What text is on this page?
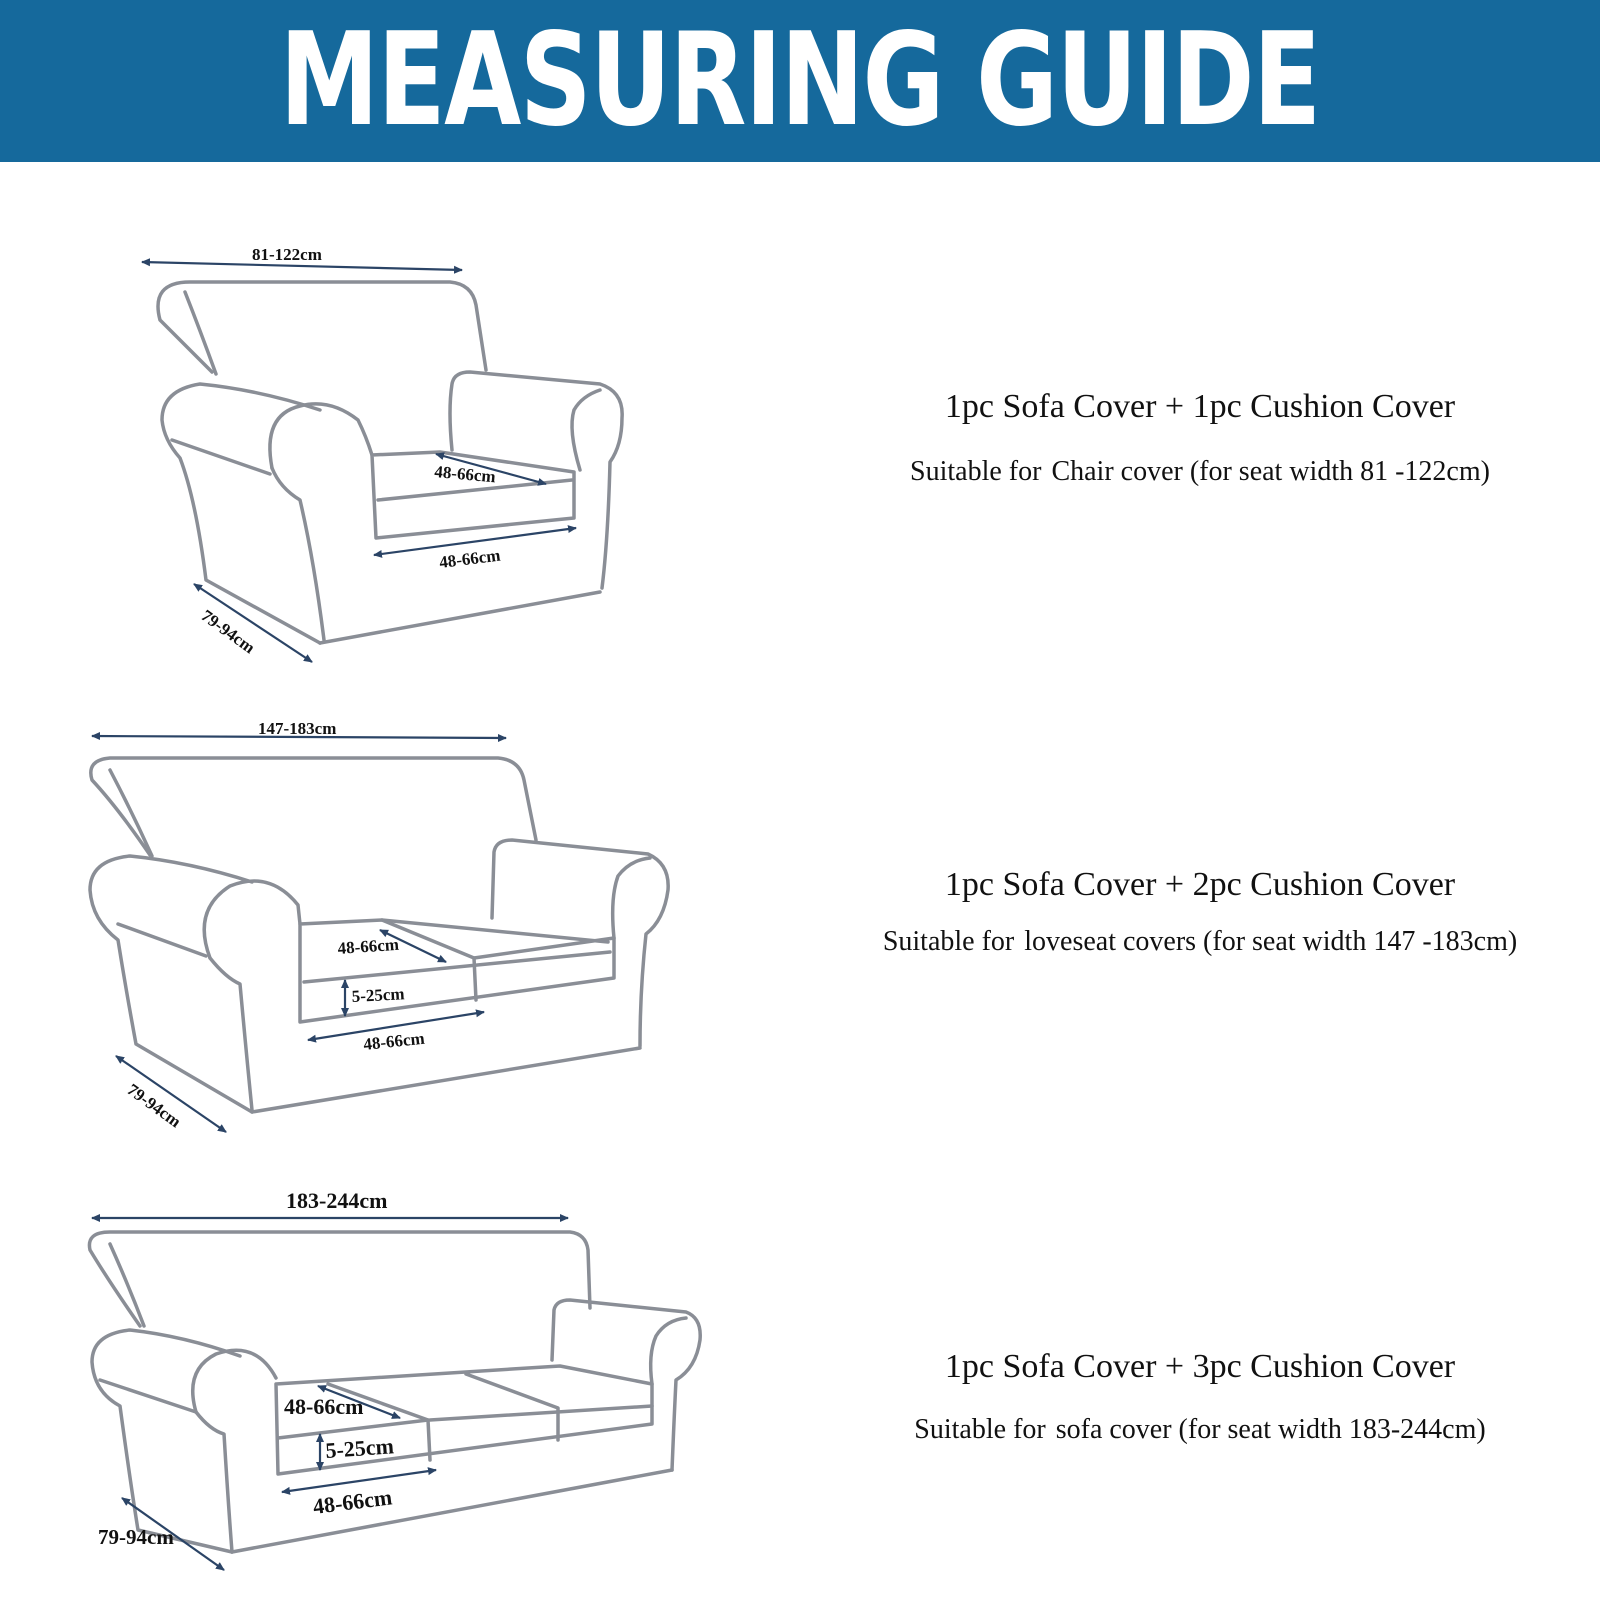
MEASURING GUIDE
81-122cm
48-66cm
48-66cm
79-94cm
147-183cm
48-66cm
5-25cm
48-66cm
79-94cm
183-244cm
48-66cm
5-25cm
48-66cm
79-94cm
1pc Sofa Cover + 1pc Cushion Cover
Suitable for Chair cover (for seat width 81 -122cm)
1pc Sofa Cover + 2pc Cushion Cover
Suitable for loveseat covers (for seat width 147 -183cm)
1pc Sofa Cover + 3pc Cushion Cover
Suitable for sofa cover (for seat width 183-244cm)
